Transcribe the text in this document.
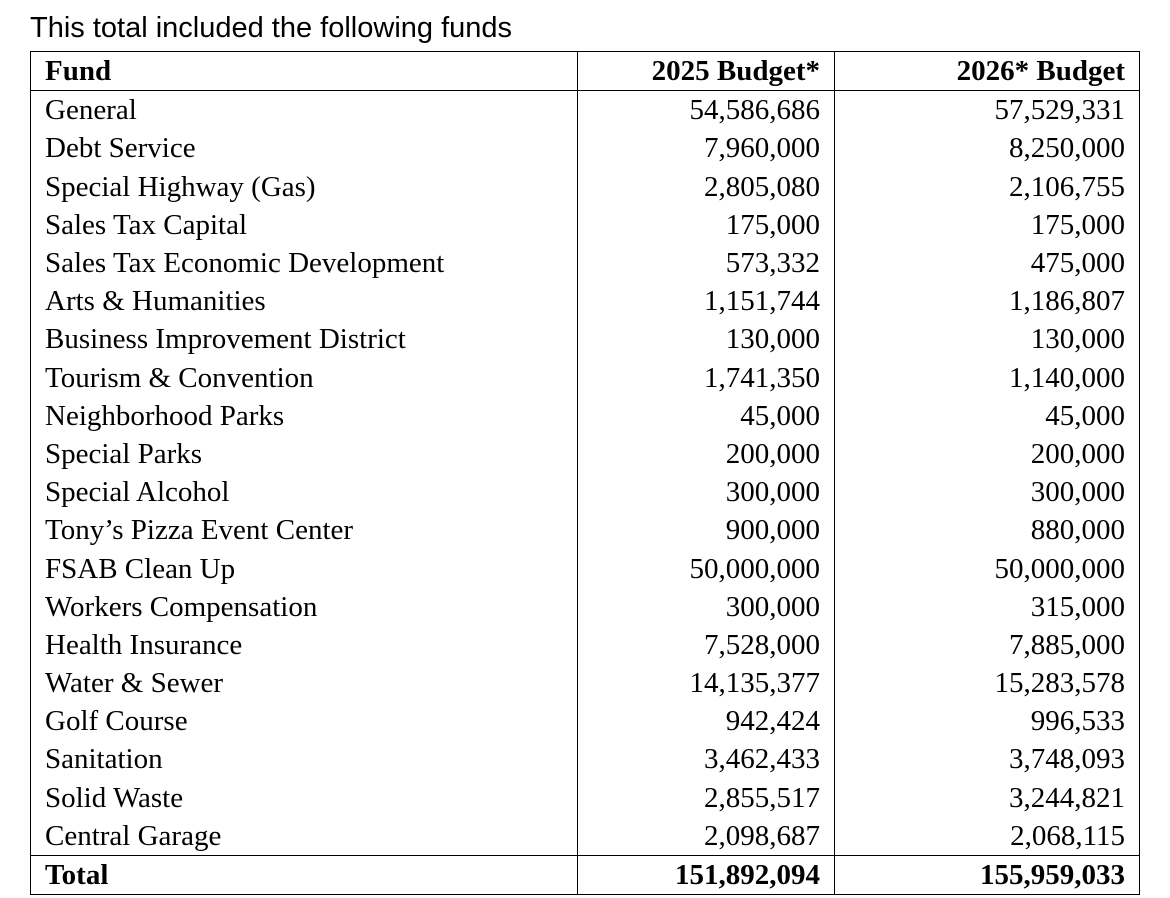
This total included the following funds
Fund	2025 Budget*	2026* Budget
General	54,586,686	57,529,331
Debt Service	7,960,000	8,250,000
Special Highway (Gas)	2,805,080	2,106,755
Sales Tax Capital	175,000	175,000
Sales Tax Economic Development	573,332	475,000
Arts & Humanities	1,151,744	1,186,807
Business Improvement District	130,000	130,000
Tourism & Convention	1,741,350	1,140,000
Neighborhood Parks	45,000	45,000
Special Parks	200,000	200,000
Special Alcohol	300,000	300,000
Tony’s Pizza Event Center	900,000	880,000
FSAB Clean Up	50,000,000	50,000,000
Workers Compensation	300,000	315,000
Health Insurance	7,528,000	7,885,000
Water & Sewer	14,135,377	15,283,578
Golf Course	942,424	996,533
Sanitation	3,462,433	3,748,093
Solid Waste	2,855,517	3,244,821
Central Garage	2,098,687	2,068,115
Total	151,892,094	155,959,033
